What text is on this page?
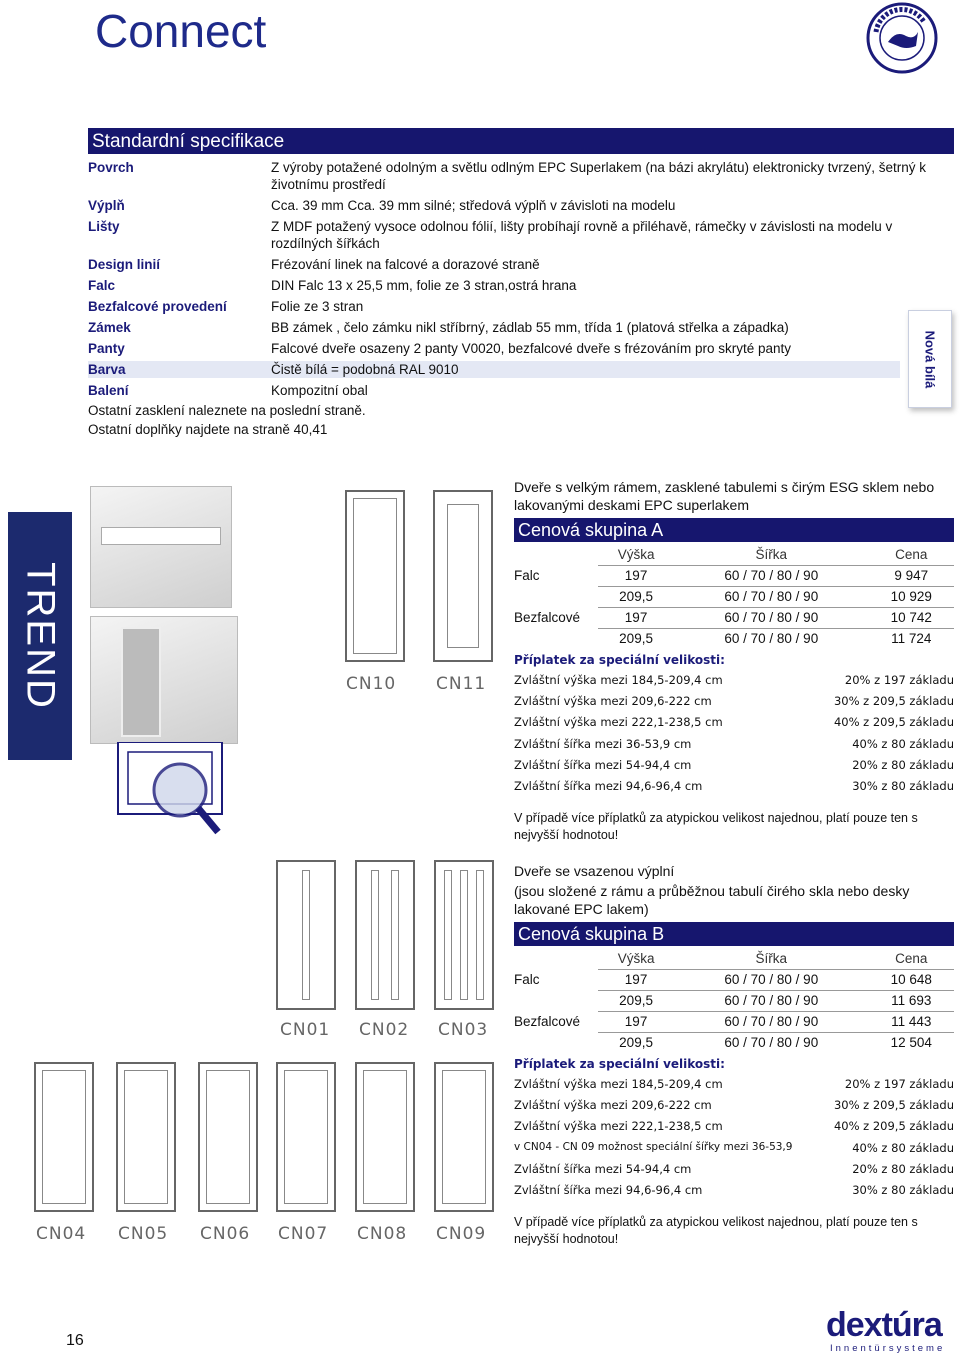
Connect
Standardní specifikace
Povrch	Z výroby potažené odolným a světlu odlným EPC Superlakem (na bázi akrylátu) elektronicky tvrzený, šetrný k životnímu prostředí
Výplň	Cca. 39 mm Cca. 39 mm silné; středová výplň v závisloti na modelu
Lišty	Z MDF potažený vysoce odolnou fólií, lišty probíhají rovně a přiléhavě, rámečky v závislosti na modelu v rozdílných šířkách
Design linií	Frézování linek na falcové a dorazové straně
Falc	DIN Falc 13 x 25,5 mm, folie ze 3 stran,ostrá hrana
Bezfalcové provedení	Folie ze 3 stran
Zámek	BB zámek , čelo zámku nikl stříbrný, zádlab 55 mm, třída 1 (platová střelka a západka)
Panty	Falcové dveře osazeny 2 panty V0020, bezfalcové dveře s frézováním pro skryté panty
Barva	Čistě bílá = podobná RAL 9010
Balení	Kompozitní obal
Ostatní zasklení naleznete na poslední straně.
Ostatní doplňky najdete na straně 40,41
Nová bílá
TREND	CN10 CN11
CN01 CN02 CN03
CN04 CN05 CN06 CN07 CN08 CN09
Dveře s velkým rámem, zasklené tabulemi s čirým ESG sklem nebo lakovanými deskami EPC superlakem
Cenová skupina A
	Výška	Šířka	Cena
Falc	197	60 / 70 / 80 / 90	9 947
	209,5	60 / 70 / 80 / 90	10 929
Bezfalcové	197	60 / 70 / 80 / 90	10 742
	209,5	60 / 70 / 80 / 90	11 724
Příplatek za speciální velikosti:
Zvláštní výška mezi 184,5-209,4 cm	20% z 197 základu
Zvláštní výška mezi 209,6-222 cm	30% z 209,5 základu
Zvláštní výška mezi 222,1-238,5 cm	40% z 209,5 základu
Zvláštní šířka mezi 36-53,9 cm	40% z 80 základu
Zvláštní šířka mezi 54-94,4 cm	20% z 80 základu
Zvláštní šířka mezi 94,6-96,4 cm	30% z 80 základu
V případě více příplatků za atypickou velikost najednou, platí pouze ten s nejvyšší hodnotou!
Dveře se vsazenou výplní
(jsou složené z rámu a průběžnou tabulí čirého skla nebo desky lakované EPC lakem)
Cenová skupina B
	Výška	Šířka	Cena
Falc	197	60 / 70 / 80 / 90	10 648
	209,5	60 / 70 / 80 / 90	11 693
Bezfalcové	197	60 / 70 / 80 / 90	11 443
	209,5	60 / 70 / 80 / 90	12 504
Příplatek za speciální velikosti:
Zvláštní výška mezi 184,5-209,4 cm	20% z 197 základu
Zvláštní výška mezi 209,6-222 cm	30% z 209,5 základu
Zvláštní výška mezi 222,1-238,5 cm	40% z 209,5 základu
v CN04 - CN 09 možnost speciální šířky mezi 36-53,9	40% z 80 základu
Zvláštní šířka mezi 54-94,4 cm	20% z 80 základu
Zvláštní šířka mezi 94,6-96,4 cm	30% z 80 základu
V případě více příplatků za atypickou velikost najednou, platí pouze ten s nejvyšší hodnotou!
16	dextúra
Innentürsysteme
